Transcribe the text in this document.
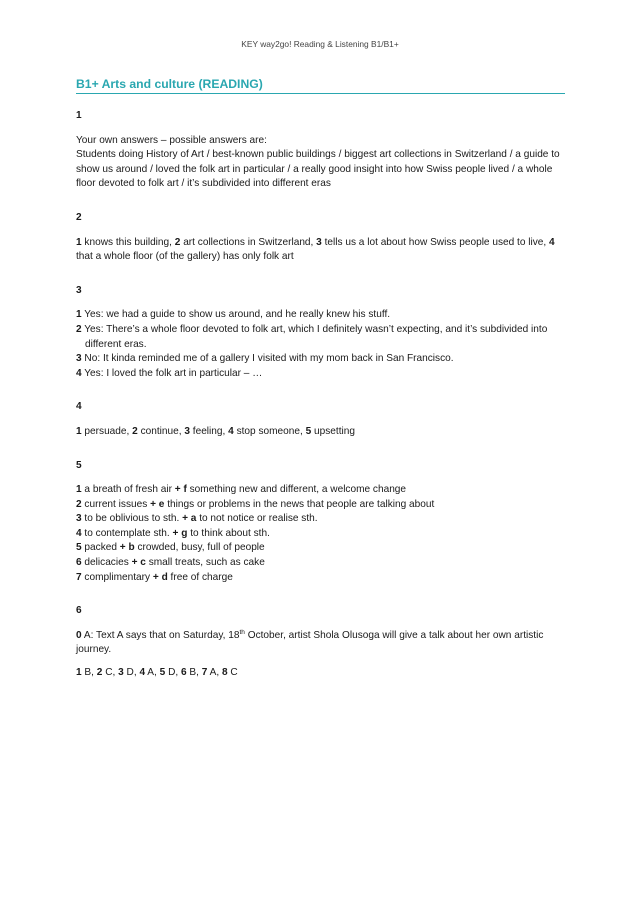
KEY way2go! Reading & Listening B1/B1+
B1+ Arts and culture (READING)

1

Your own answers – possible answers are:

Students doing History of Art / best-known public buildings / biggest art collections in Switzerland / a guide to show us around / loved the folk art in particular / a really good insight into how Swiss people lived / a whole floor devoted to folk art / it’s subdivided into different eras

2

1 knows this building, 2 art collections in Switzerland, 3 tells us a lot about how Swiss people used to live, 4 that a whole floor (of the gallery) has only folk art

3

1 Yes: we had a guide to show us around, and he really knew his stuff.

2 Yes: There’s a whole floor devoted to folk art, which I definitely wasn’t expecting, and it’s subdivided into different eras.

3 No: It kinda reminded me of a gallery I visited with my mom back in San Francisco.

4 Yes: I loved the folk art in particular – …

4

1 persuade, 2 continue, 3 feeling, 4 stop someone, 5 upsetting

5

1 a breath of fresh air + f something new and different, a welcome change

2 current issues + e things or problems in the news that people are talking about

3 to be oblivious to sth. + a to not notice or realise sth.

4 to contemplate sth. + g to think about sth.

5 packed + b crowded, busy, full of people

6 delicacies + c small treats, such as cake

7 complimentary + d free of charge

6

0 A: Text A says that on Saturday, 18th October, artist Shola Olusoga will give a talk about her own artistic journey.

1 B, 2 C, 3 D, 4 A, 5 D, 6 B, 7 A, 8 C
